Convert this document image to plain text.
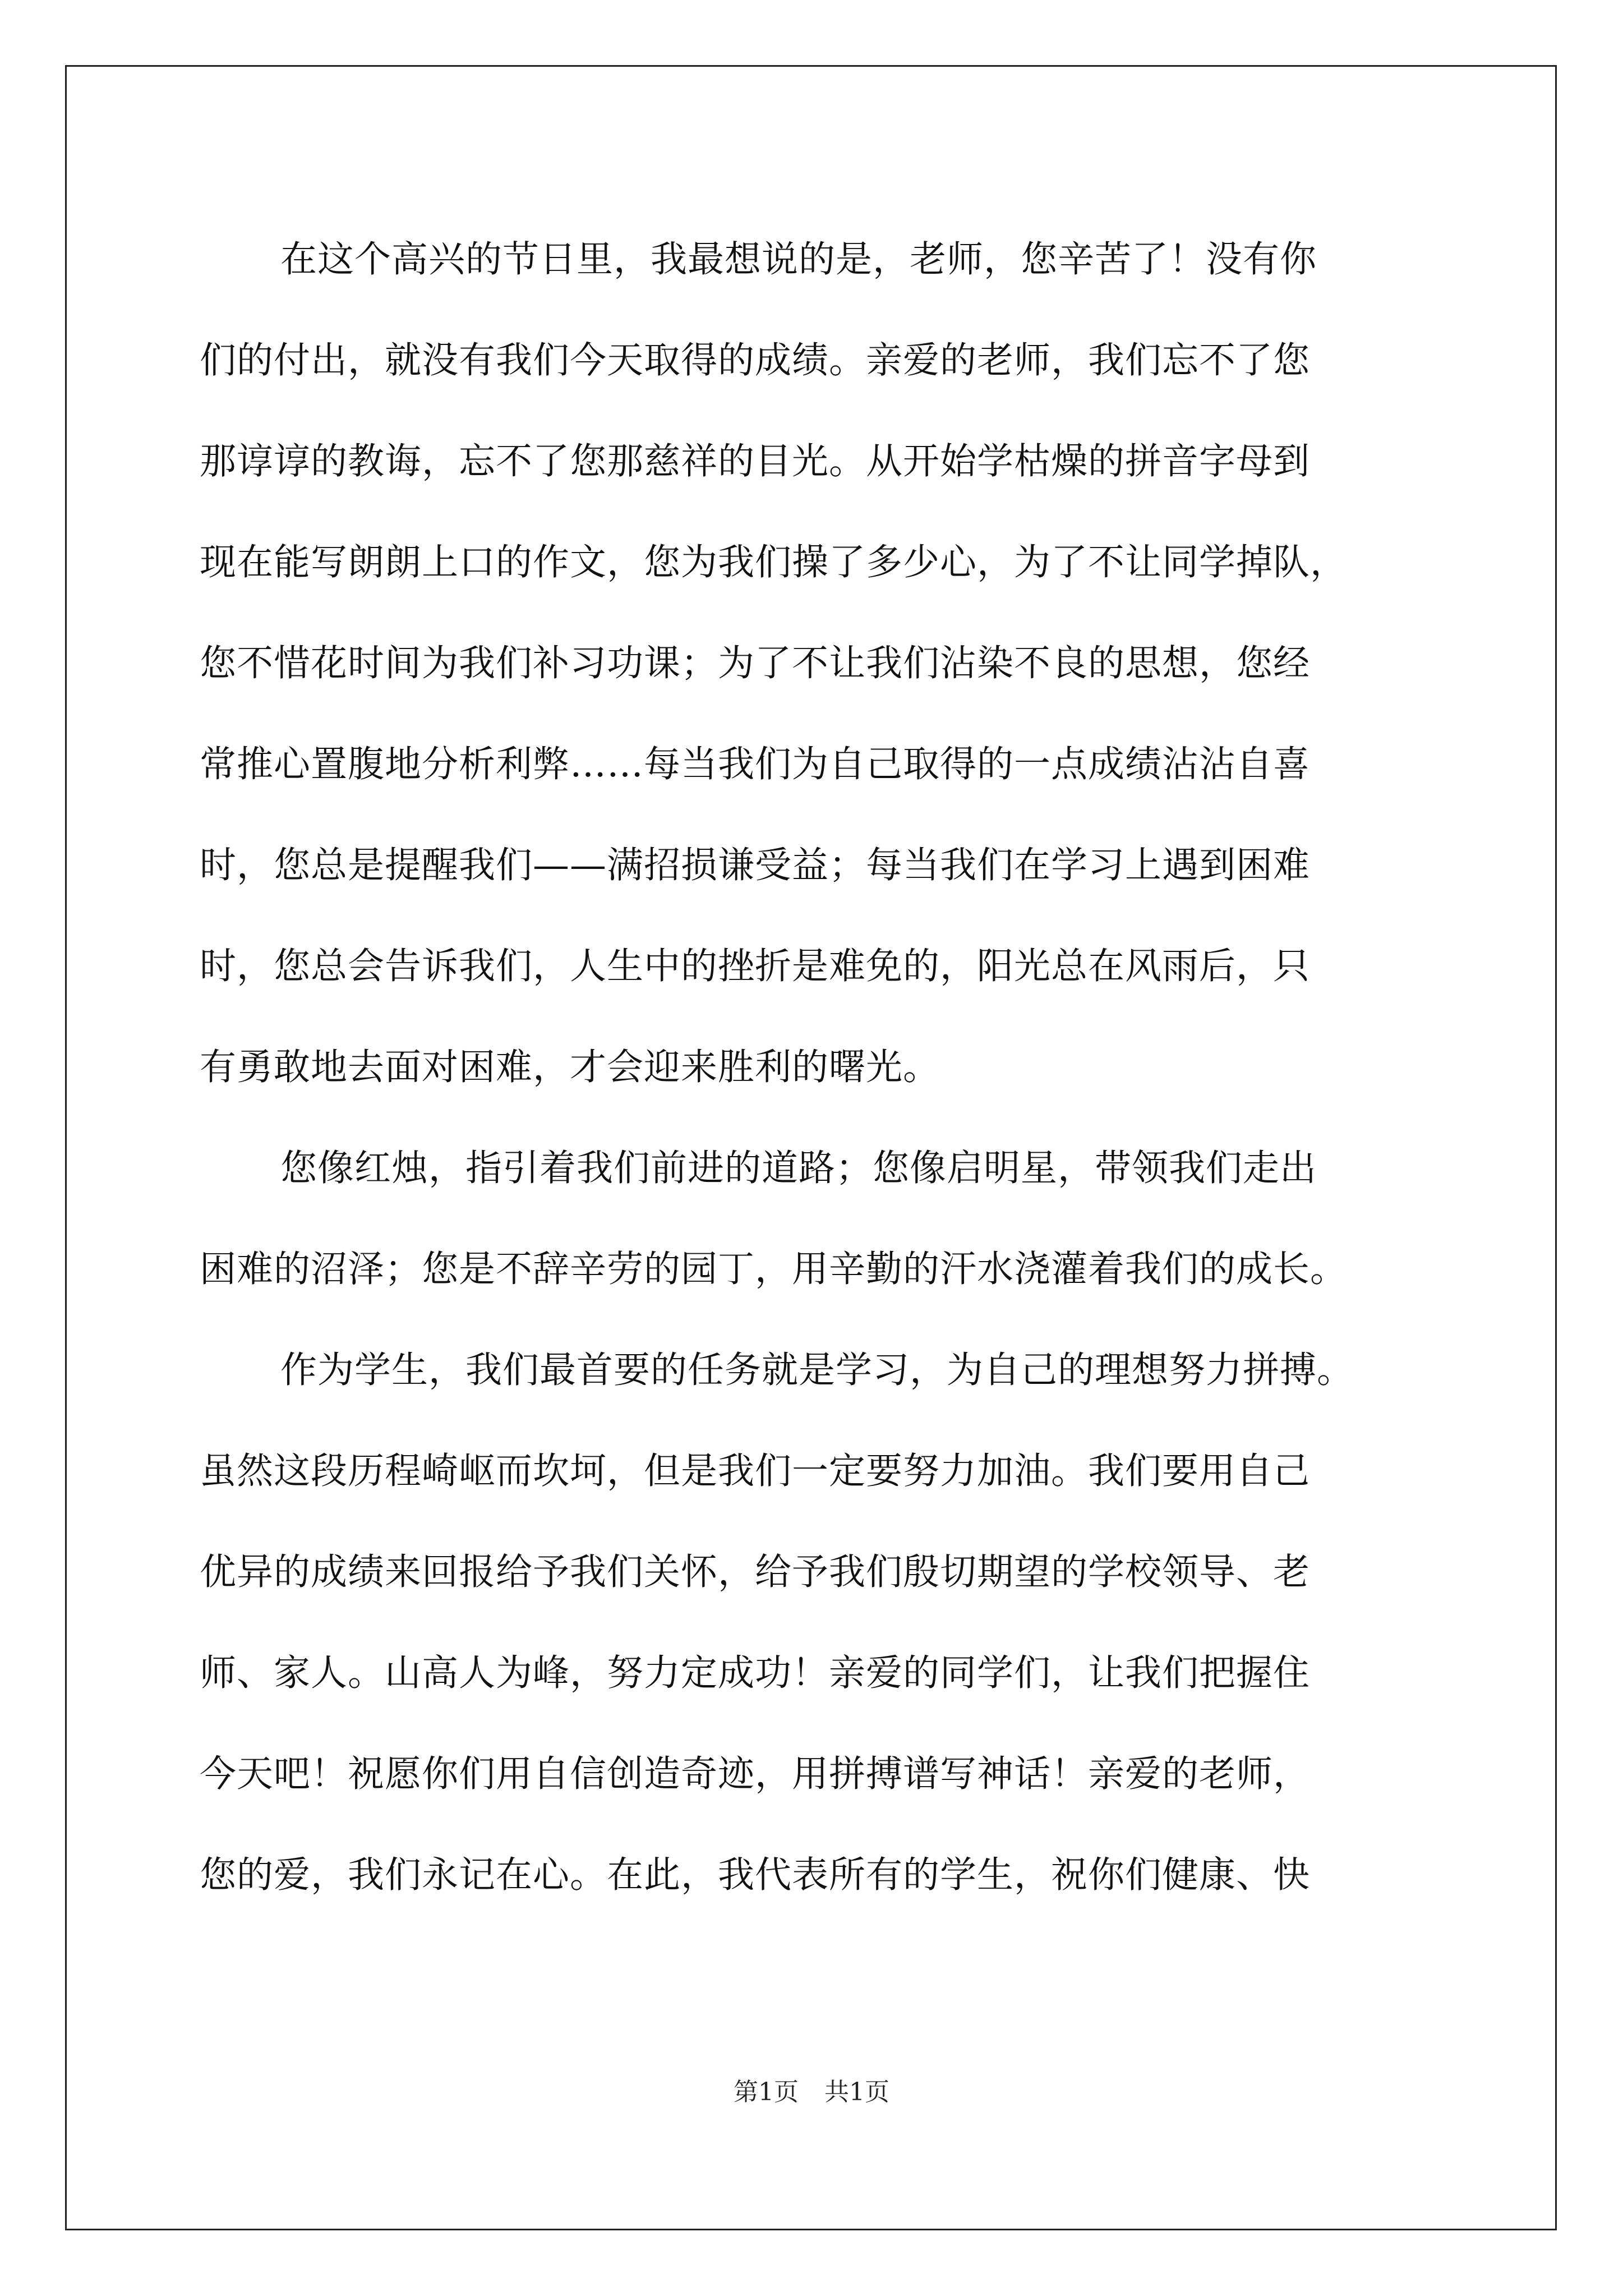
在这个高兴的节日里，我最想说的是，老师，您辛苦了！没有你
们的付出，就没有我们今天取得的成绩。亲爱的老师，我们忘不了您
那谆谆的教诲，忘不了您那慈祥的目光。从开始学枯燥的拼音字母到
现在能写朗朗上口的作文，您为我们操了多少心，为了不让同学掉队，
您不惜花时间为我们补习功课；为了不让我们沾染不良的思想，您经
常推心置腹地分析利弊……每当我们为自己取得的一点成绩沾沾自喜
时，您总是提醒我们——满招损谦受益；每当我们在学习上遇到困难
时，您总会告诉我们，人生中的挫折是难免的，阳光总在风雨后，只
有勇敢地去面对困难，才会迎来胜利的曙光。
您像红烛，指引着我们前进的道路；您像启明星，带领我们走出
困难的沼泽；您是不辞辛劳的园丁，用辛勤的汗水浇灌着我们的成长。
作为学生，我们最首要的任务就是学习，为自己的理想努力拼搏。
虽然这段历程崎岖而坎坷，但是我们一定要努力加油。我们要用自己
优异的成绩来回报给予我们关怀，给予我们殷切期望的学校领导、老
师、家人。山高人为峰，努力定成功！亲爱的同学们，让我们把握住
今天吧！祝愿你们用自信创造奇迹，用拼搏谱写神话！亲爱的老师，
您的爱，我们永记在心。在此，我代表所有的学生，祝你们健康、快
第1页 共1页
